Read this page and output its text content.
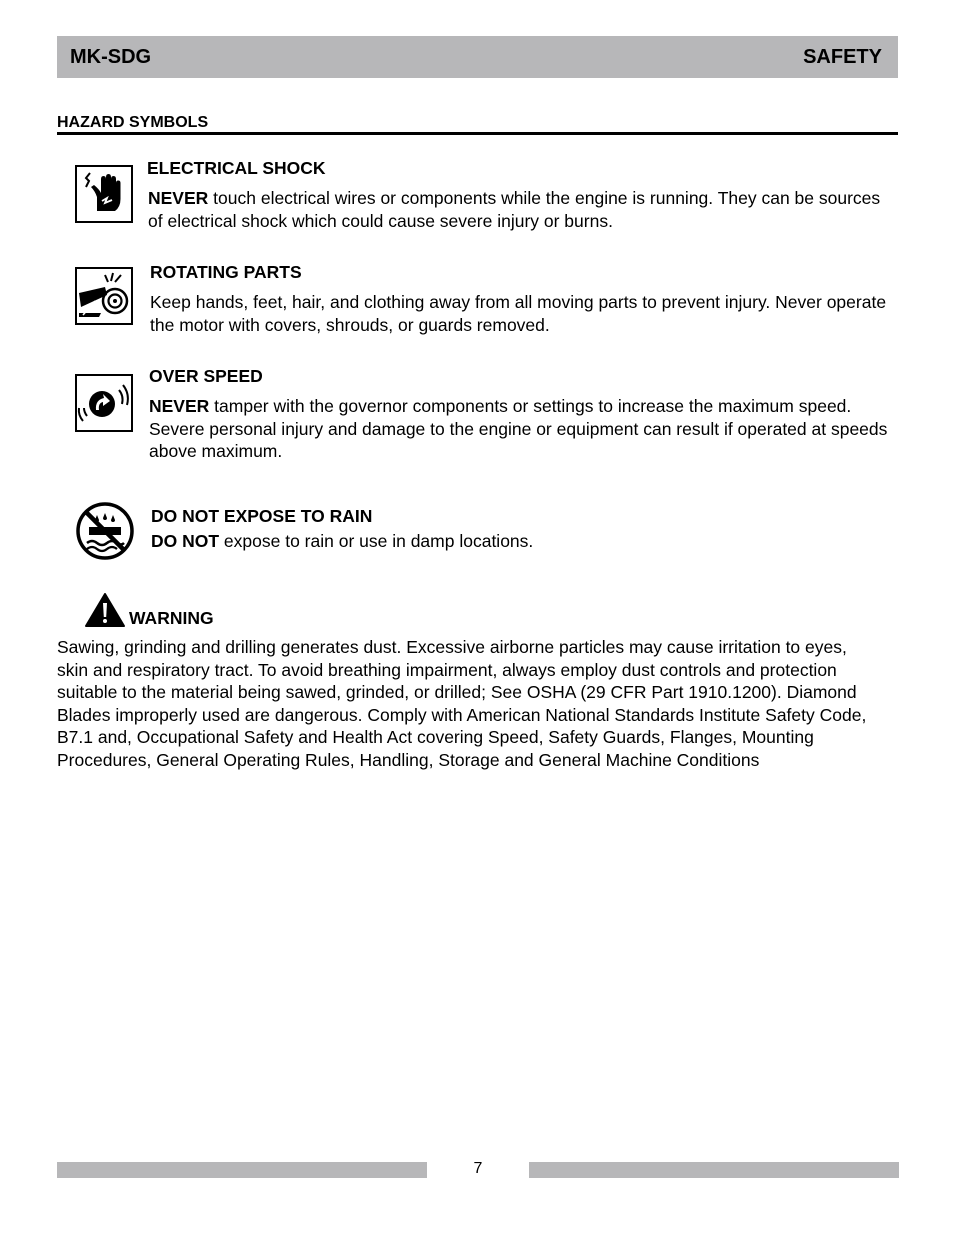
MK-SDG	SAFETY
HAZARD SYMBOLS
ELECTRICAL SHOCK
NEVER touch electrical wires or components while the engine is running. They can be sources of electrical shock which could cause severe injury or burns.
ROTATING PARTS
Keep hands, feet, hair, and clothing away from all moving parts to prevent injury. Never operate the motor with covers, shrouds, or guards removed.
OVER SPEED
NEVER tamper with the governor components or settings to increase the maximum speed. Severe personal injury and damage to the engine or equipment can result if operated at speeds above maximum.
DO NOT EXPOSE TO RAIN
DO NOT expose to rain or use in damp locations.
WARNING
Sawing, grinding and drilling generates dust. Excessive airborne particles may cause irritation to eyes, skin and respiratory tract. To avoid breathing impairment, always employ dust controls and protection suitable to the material being sawed, grinded, or drilled; See OSHA (29 CFR Part 1910.1200). Diamond Blades improperly used are dangerous. Comply with American National Standards Institute Safety Code, B7.1 and, Occupational Safety and Health Act covering Speed, Safety Guards, Flanges, Mounting Procedures, General Operating Rules, Handling, Storage and General Machine Conditions
7
